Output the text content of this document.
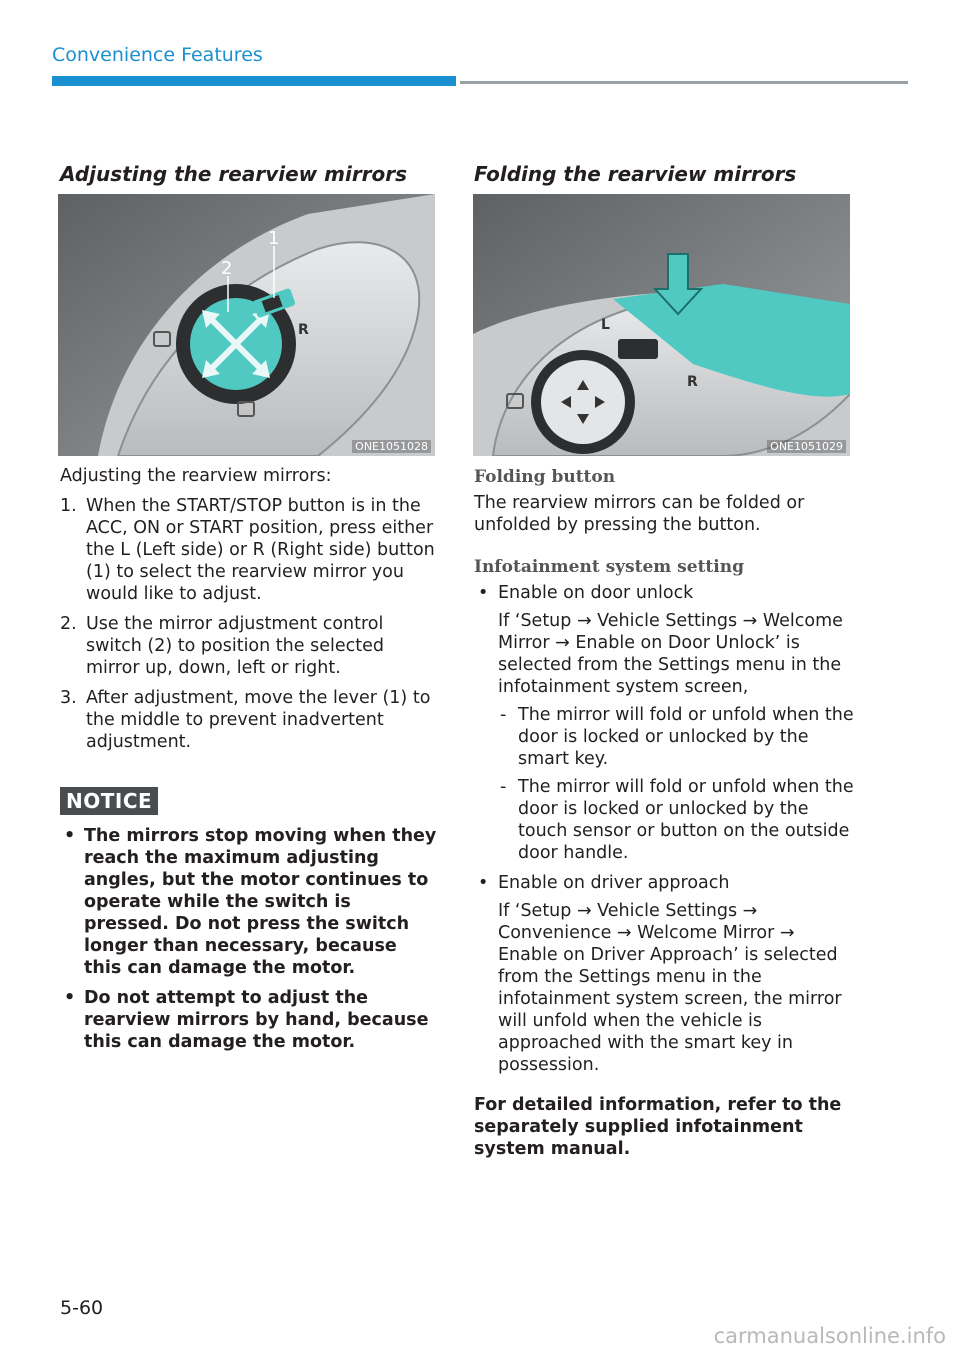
Convenience Features
Adjusting the rearview mirrors
1
2
R
ONE1051028

Adjusting the rearview mirrors:

1. When the START/STOP button is in the ACC, ON or START position, press either the L (Left side) or R (Right side) button (1) to select the rearview mirror you would like to adjust.
2. Use the mirror adjustment control switch (2) to position the selected mirror up, down, left or right.
3. After adjustment, move the lever (1) to the middle to prevent inadvertent adjustment.
NOTICE
• The mirrors stop moving when they reach the maximum adjusting angles, but the motor continues to operate while the switch is pressed. Do not press the switch longer than necessary, because this can damage the motor.
• Do not attempt to adjust the rearview mirrors by hand, because this can damage the motor.
Folding the rearview mirrors
L
R
ONE1051029

Folding button

The rearview mirrors can be folded or unfolded by pressing the button.

Infotainment system setting

• Enable on door unlock
If ‘Setup → Vehicle Settings → Welcome Mirror → Enable on Door Unlock’ is selected from the Settings menu in the infotainment system screen,
- The mirror will fold or unfold when the door is locked or unlocked by the smart key.
- The mirror will fold or unfold when the door is locked or unlocked by the touch sensor or button on the outside door handle.
• Enable on driver approach
If ‘Setup → Vehicle Settings → Convenience → Welcome Mirror → Enable on Driver Approach’ is selected from the Settings menu in the infotainment system screen, the mirror will unfold when the vehicle is approached with the smart key in possession.

For detailed information, refer to the separately supplied infotainment system manual.

5-60
carmanualsonline.info
